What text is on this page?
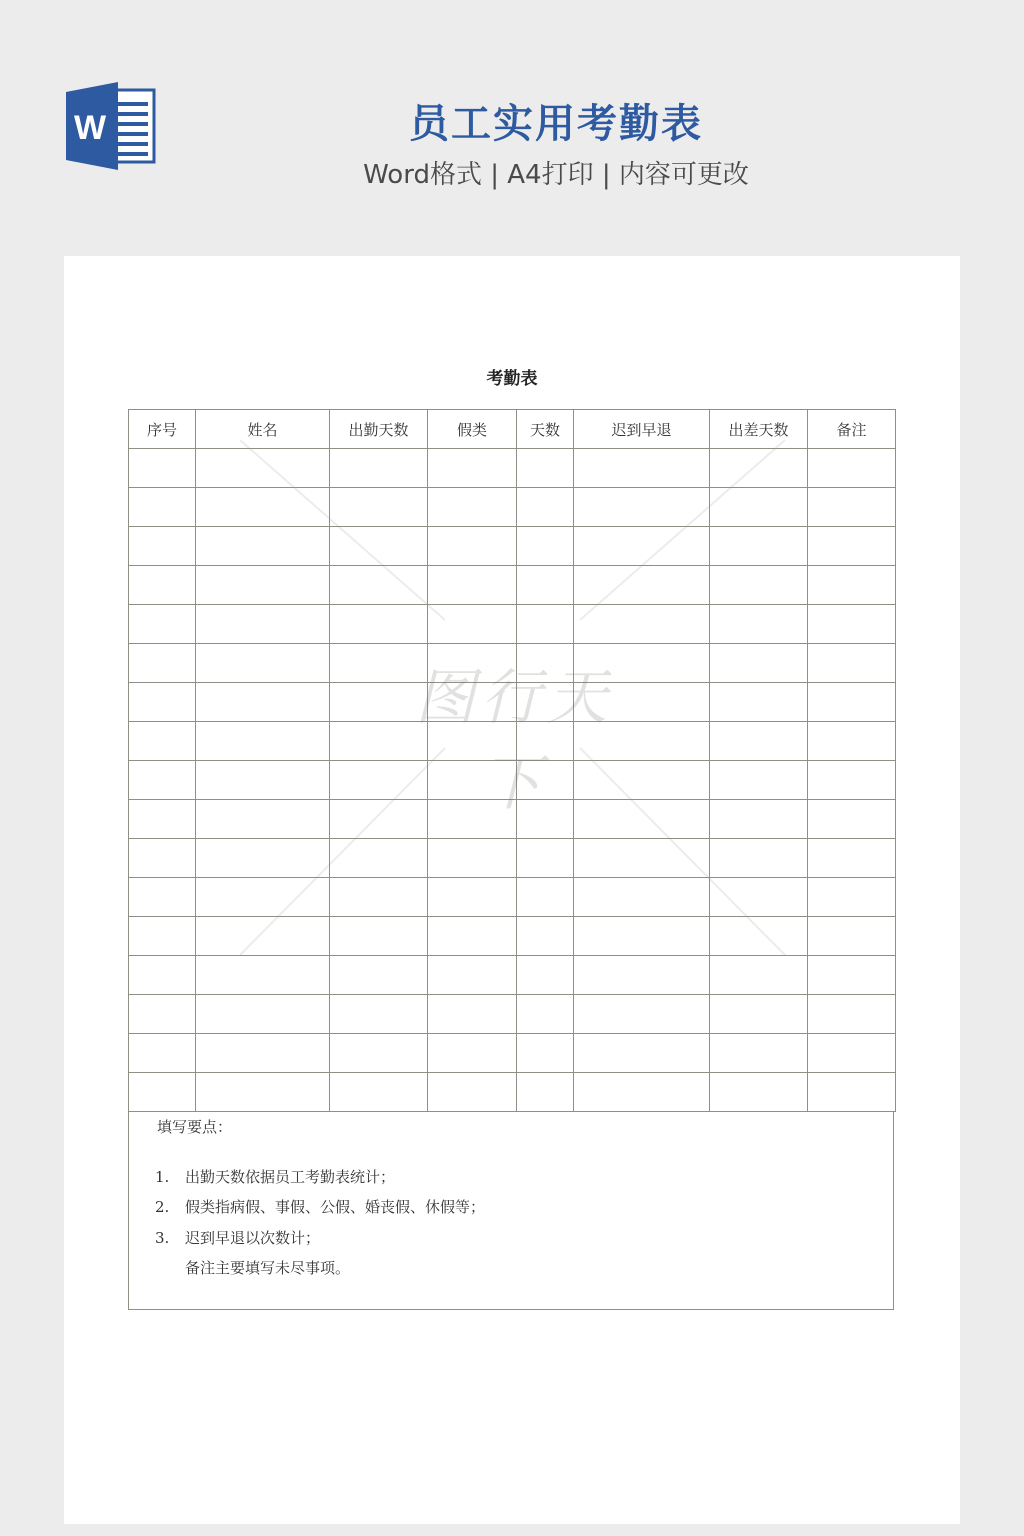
W	员工实用考勤表
Word格式 | A4打印 | 内容可更改
考勤表
序号	姓名	出勤天数	假类	天数	迟到早退	出差天数	备注

填写要点：
1. 出勤天数依据员工考勤表统计；
2. 假类指病假、事假、公假、婚丧假、休假等；
3. 迟到早退以次数计；
备注主要填写未尽事项。
图行天下
